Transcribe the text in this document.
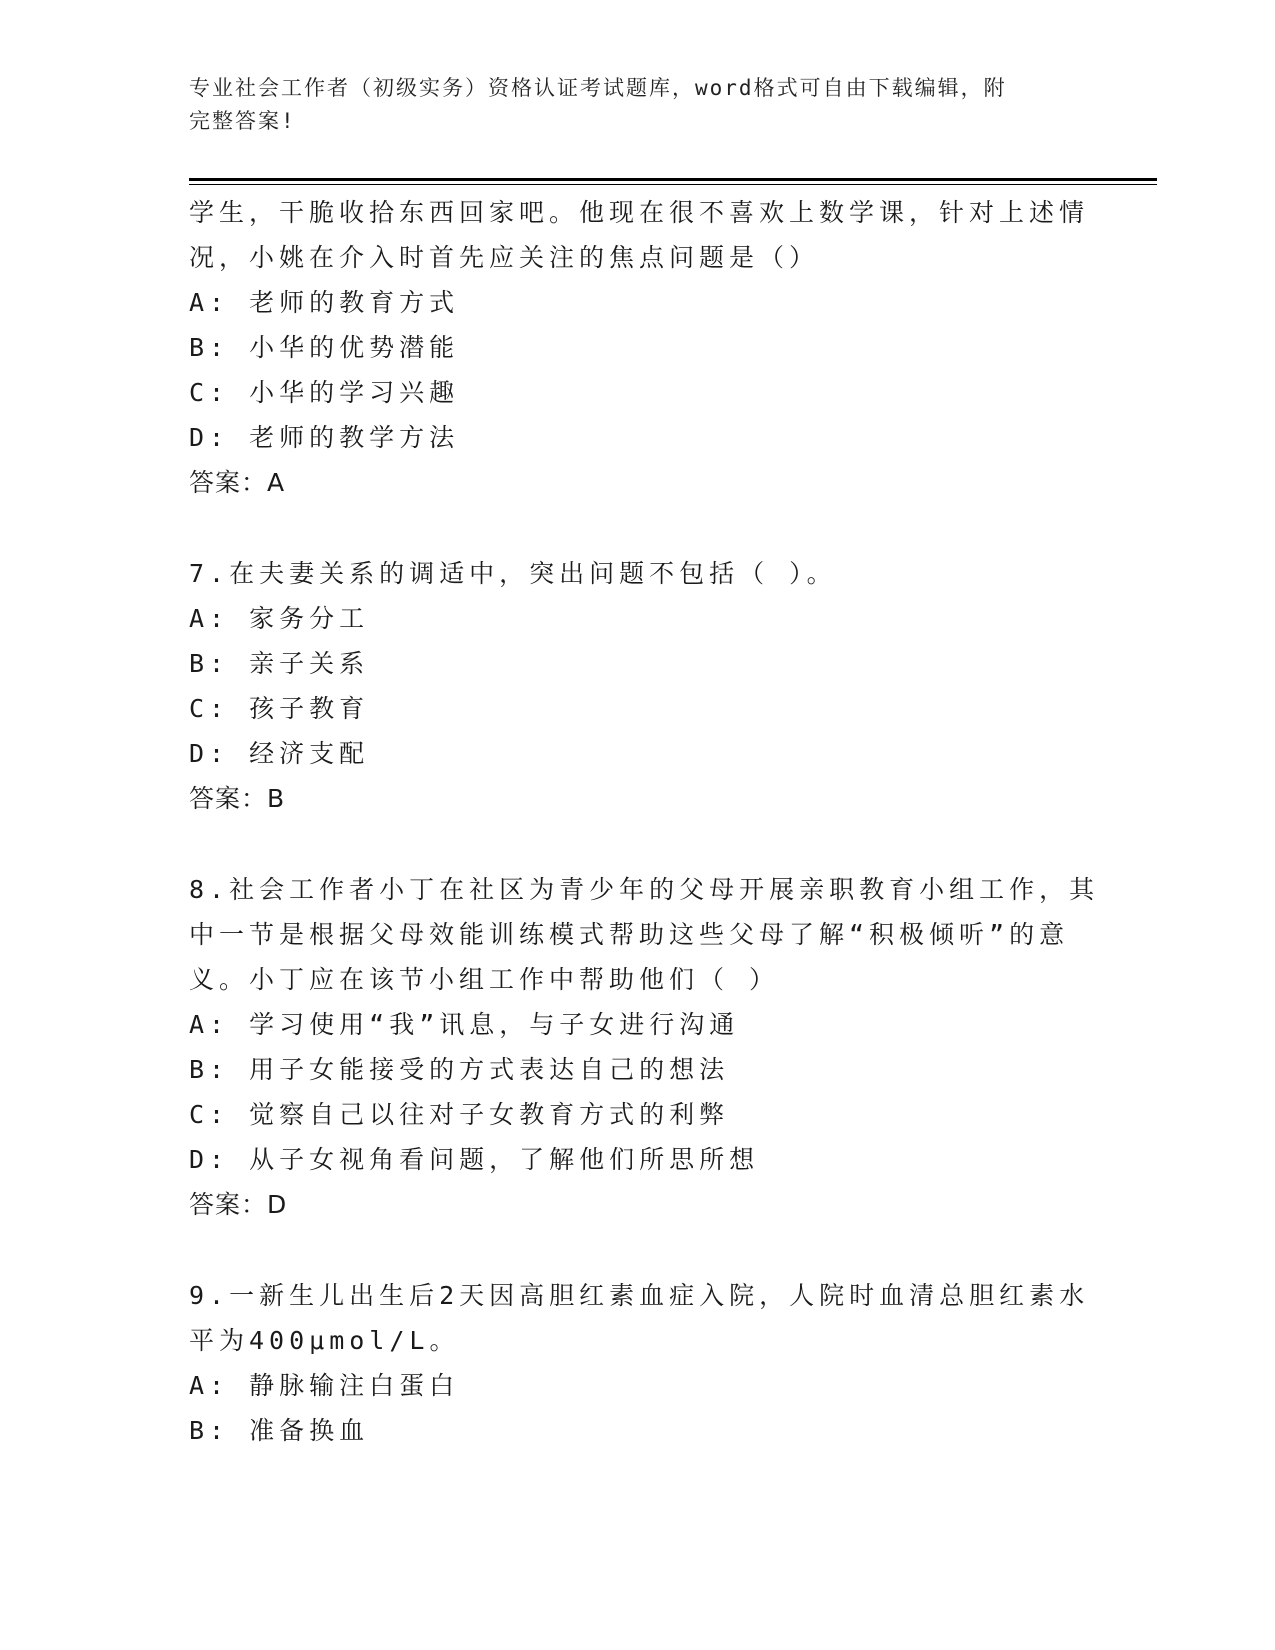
专业社会工作者（初级实务）资格认证考试题库，word格式可自由下载编辑，附
完整答案!
学生，干脆收拾东西回家吧。他现在很不喜欢上数学课，针对上述情
况，小姚在介入时首先应关注的焦点问题是（）
A: 老师的教育方式
B: 小华的优势潜能
C: 小华的学习兴趣
D: 老师的教学方法
答案：A
7.在夫妻关系的调适中，突出问题不包括（ ）。
A: 家务分工
B: 亲子关系
C: 孩子教育
D: 经济支配
答案：B
8.社会工作者小丁在社区为青少年的父母开展亲职教育小组工作，其
中一节是根据父母效能训练模式帮助这些父母了解“积极倾听”的意
义。小丁应在该节小组工作中帮助他们（ ）
A: 学习使用“我”讯息，与子女进行沟通
B: 用子女能接受的方式表达自己的想法
C: 觉察自己以往对子女教育方式的利弊
D: 从子女视角看问题，了解他们所思所想
答案：D
9.一新生儿出生后2天因高胆红素血症入院，人院时血清总胆红素水
平为400μmol/L。
A: 静脉输注白蛋白
B: 准备换血
